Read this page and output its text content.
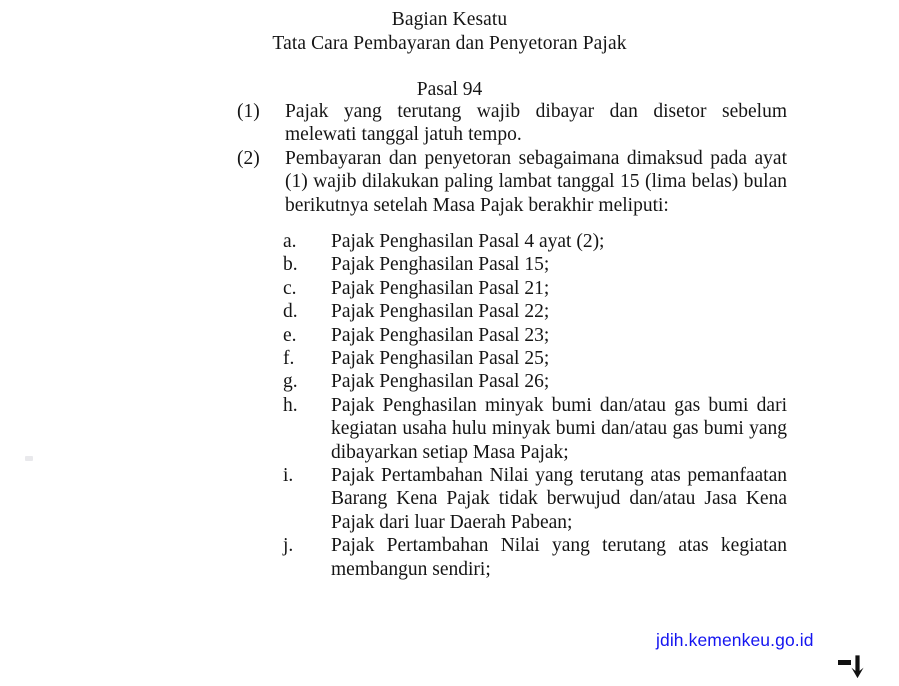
Bagian Kesatu
Tata Cara Pembayaran dan Penyetoran Pajak
Pasal 94
(1)	Pajak yang terutang wajib dibayar dan disetor sebelum melewati tanggal jatuh tempo.
(2)	Pembayaran dan penyetoran sebagaimana dimaksud pada ayat (1) wajib dilakukan paling lambat tanggal 15 (lima belas) bulan berikutnya setelah Masa Pajak berakhir meliputi:
a.	Pajak Penghasilan Pasal 4 ayat (2);
b.	Pajak Penghasilan Pasal 15;
c.	Pajak Penghasilan Pasal 21;
d.	Pajak Penghasilan Pasal 22;
e.	Pajak Penghasilan Pasal 23;
f.	Pajak Penghasilan Pasal 25;
g.	Pajak Penghasilan Pasal 26;
h.	Pajak Penghasilan minyak bumi dan/atau gas bumi dari kegiatan usaha hulu minyak bumi dan/atau gas bumi yang dibayarkan setiap Masa Pajak;
i.	Pajak Pertambahan Nilai yang terutang atas pemanfaatan Barang Kena Pajak tidak berwujud dan/atau Jasa Kena Pajak dari luar Daerah Pabean;
j.	Pajak Pertambahan Nilai yang terutang atas kegiatan membangun sendiri;
jdih.kemenkeu.go.id
